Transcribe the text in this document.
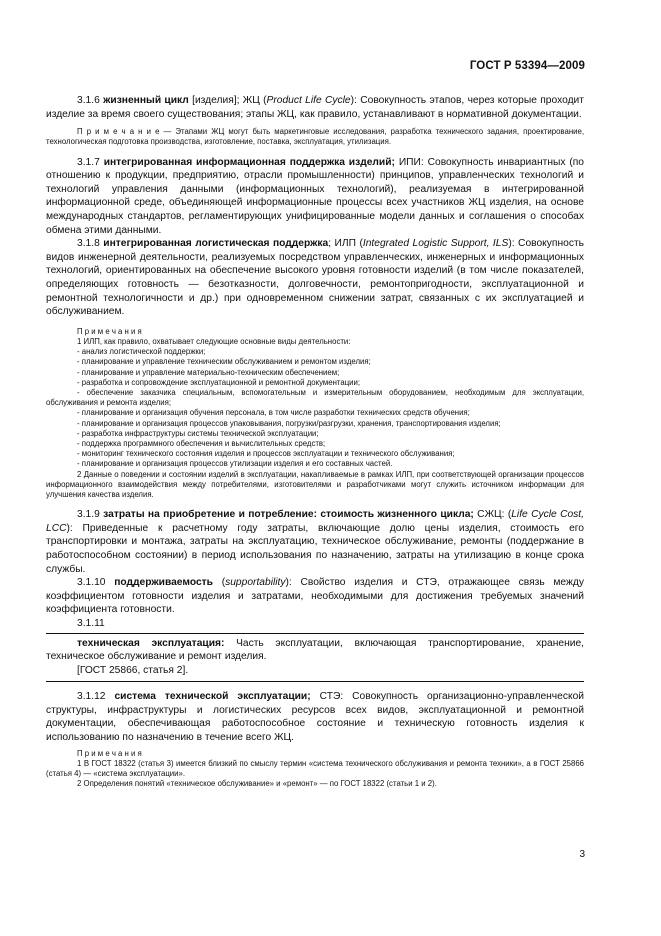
ГОСТ Р 53394—2009

3.1.6 жизненный цикл [изделия]; ЖЦ (Product Life Cycle): Совокупность этапов, через которые проходит изделие за время своего существования; этапы ЖЦ, как правило, устанавливают в нормативной документации.

П р и м е ч а н и е — Этапами ЖЦ могут быть маркетинговые исследования, разработка технического задания, проектирование, технологическая подготовка производства, изготовление, поставка, эксплуатация, утилизация.

3.1.7 интегрированная информационная поддержка изделий; ИПИ: Совокупность инвариантных (по отношению к продукции, предприятию, отрасли промышленности) принципов, управленческих технологий и технологий управления данными (информационных технологий), реализуемая в интегрированной информационной среде, объединяющей информационные процессы всех участников ЖЦ изделия, на основе международных стандартов, регламентирующих унифицированные модели данных и соглашения о способах обмена этими данными.

3.1.8 интегрированная логистическая поддержка; ИЛП (Integrated Logistic Support, ILS): Совокупность видов инженерной деятельности, реализуемых посредством управленческих, инженерных и информационных технологий, ориентированных на обеспечение высокого уровня готовности изделий (в том числе показателей, определяющих готовность — безотказности, долговечности, ремонтопригодности, эксплуатационной и ремонтной технологичности и др.) при одновременном снижении затрат, связанных с их эксплуатацией и обслуживанием.

П р и м е ч а н и я

1 ИЛП, как правило, охватывает следующие основные виды деятельности:

- анализ логистической поддержки;

- планирование и управление техническим обслуживанием и ремонтом изделия;

- планирование и управление материально-техническим обеспечением;

- разработка и сопровождение эксплуатационной и ремонтной документации;

- обеспечение заказчика специальным, вспомогательным и измерительным оборудованием, необходимым для эксплуатации, обслуживания и ремонта изделия;

- планирование и организация обучения персонала, в том числе разработки технических средств обучения;

- планирование и организация процессов упаковывания, погрузки/разгрузки, хранения, транспортирования изделия;

- разработка инфраструктуры системы технической эксплуатации;

- поддержка программного обеспечения и вычислительных средств;

- мониторинг технического состояния изделия и процессов эксплуатации и технического обслуживания;

- планирование и организация процессов утилизации изделия и его составных частей.

2 Данные о поведении и состоянии изделий в эксплуатации, накапливаемые в рамках ИЛП, при соответствующей организации процессов информационного взаимодействия между потребителями, изготовителями и разработчиками могут служить источником информации для улучшения качества изделия.

3.1.9 затраты на приобретение и потребление: стоимость жизненного цикла; СЖЦ: (Life Cycle Cost, LCC): Приведенные к расчетному году затраты, включающие долю цены изделия, стоимость его транспортировки и монтажа, затраты на эксплуатацию, техническое обслуживание, ремонты (поддержание в работоспособном состоянии) в период использования по назначению, затраты на утилизацию в конце срока службы.

3.1.10 поддерживаемость (supportability): Свойство изделия и СТЭ, отражающее связь между коэффициентом готовности изделия и затратами, необходимыми для достижения требуемых значений коэффициента готовности.

3.1.11

техническая эксплуатация: Часть эксплуатации, включающая транспортирование, хранение, техническое обслуживание и ремонт изделия.

[ГОСТ 25866, статья 2].

3.1.12 система технической эксплуатации; СТЭ: Совокупность организационно-управленческой структуры, инфраструктуры и логистических ресурсов всех видов, эксплуатационной и ремонтной документации, обеспечивающая работоспособное состояние и техническую готовность изделия к использованию по назначению в течение всего ЖЦ.

П р и м е ч а н и я

1 В ГОСТ 18322 (статья 3) имеется близкий по смыслу термин «система технического обслуживания и ремонта техники», а в ГОСТ 25866 (статья 4) — «система эксплуатации».

2 Определения понятий «техническое обслуживание» и «ремонт» — по ГОСТ 18322 (статьи 1 и 2).

3
